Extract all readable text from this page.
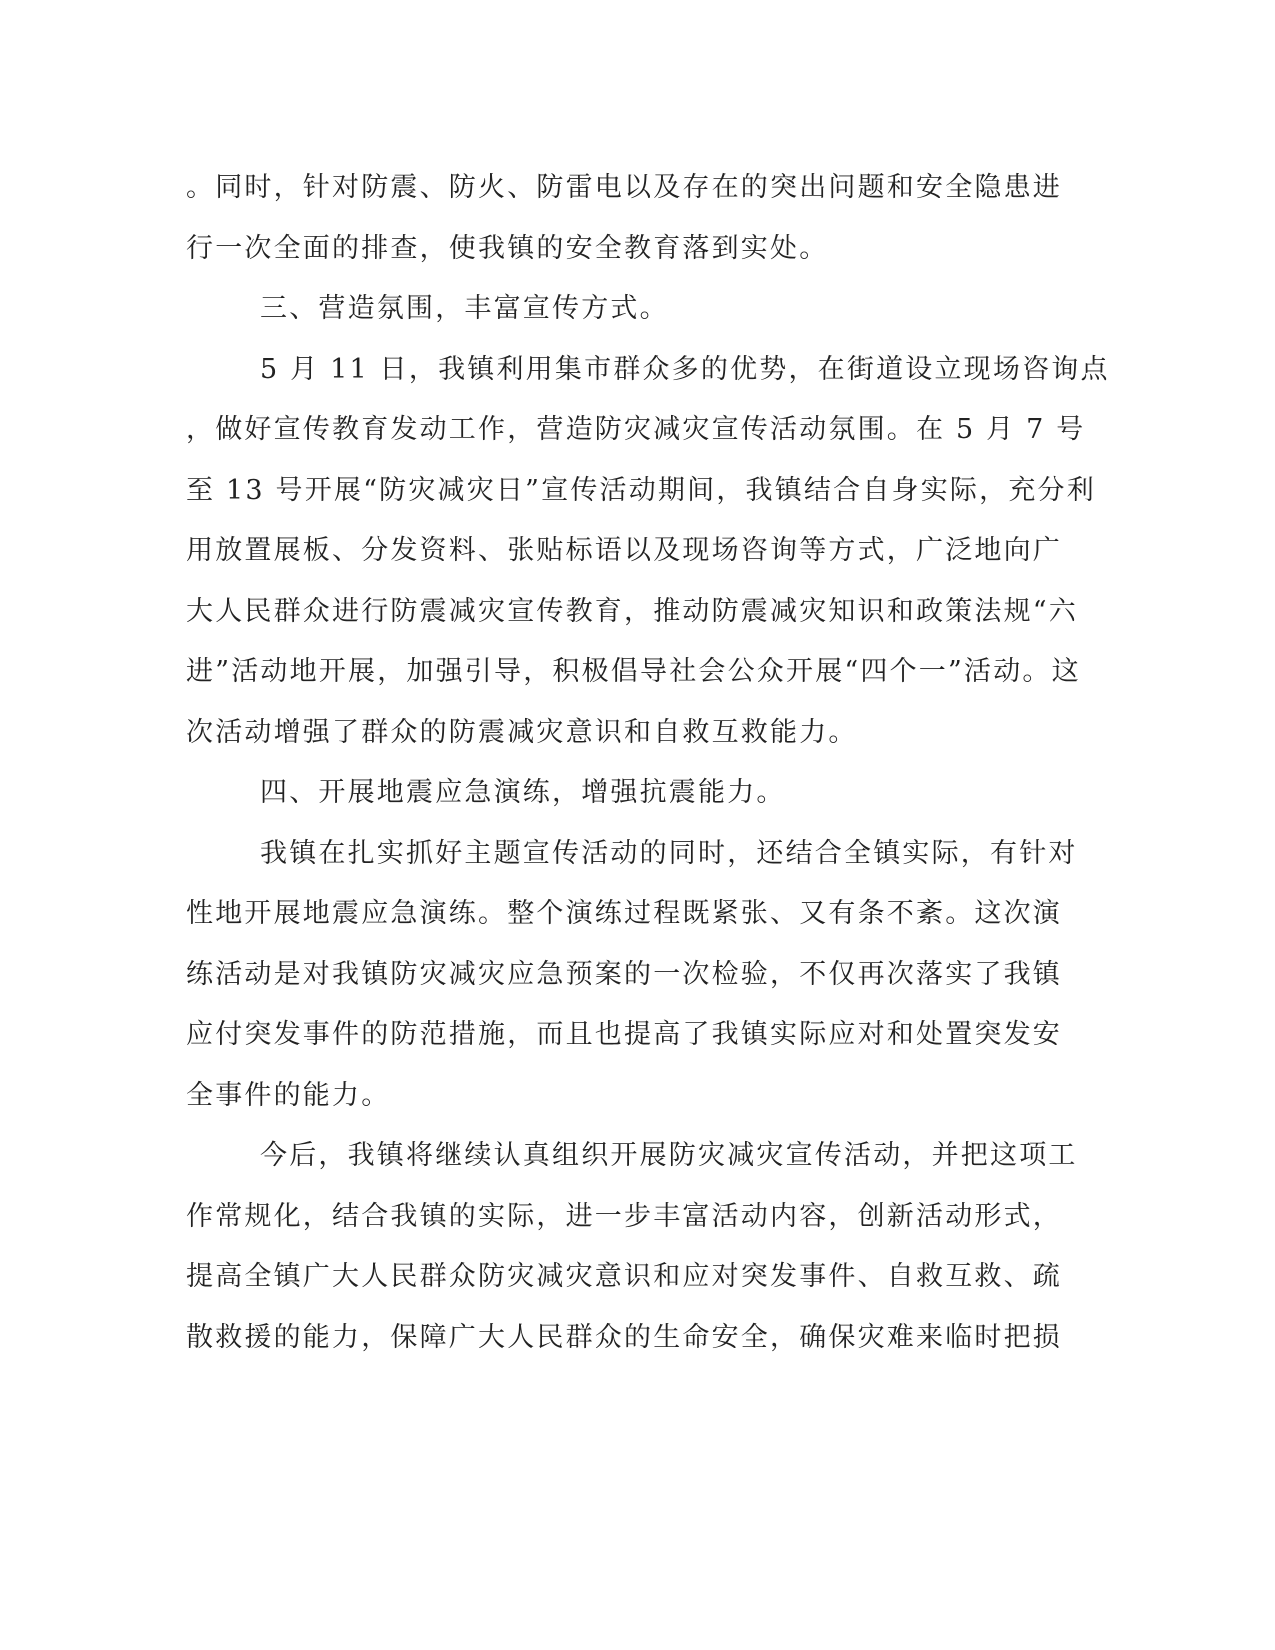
。同时，针对防震、防火、防雷电以及存在的突出问题和安全隐患进
行一次全面的排查，使我镇的安全教育落到实处。
三、营造氛围，丰富宣传方式。
5 月 11 日，我镇利用集市群众多的优势，在街道设立现场咨询点
，做好宣传教育发动工作，营造防灾减灾宣传活动氛围。在 5 月 7 号
至 13 号开展“防灾减灾日”宣传活动期间，我镇结合自身实际，充分利
用放置展板、分发资料、张贴标语以及现场咨询等方式，广泛地向广
大人民群众进行防震减灾宣传教育，推动防震减灾知识和政策法规“六
进”活动地开展，加强引导，积极倡导社会公众开展“四个一”活动。这
次活动增强了群众的防震减灾意识和自救互救能力。
四、开展地震应急演练，增强抗震能力。
我镇在扎实抓好主题宣传活动的同时，还结合全镇实际，有针对
性地开展地震应急演练。整个演练过程既紧张、又有条不紊。这次演
练活动是对我镇防灾减灾应急预案的一次检验，不仅再次落实了我镇
应付突发事件的防范措施，而且也提高了我镇实际应对和处置突发安
全事件的能力。
今后，我镇将继续认真组织开展防灾减灾宣传活动，并把这项工
作常规化，结合我镇的实际，进一步丰富活动内容，创新活动形式，
提高全镇广大人民群众防灾减灾意识和应对突发事件、自救互救、疏
散救援的能力，保障广大人民群众的生命安全，确保灾难来临时把损
